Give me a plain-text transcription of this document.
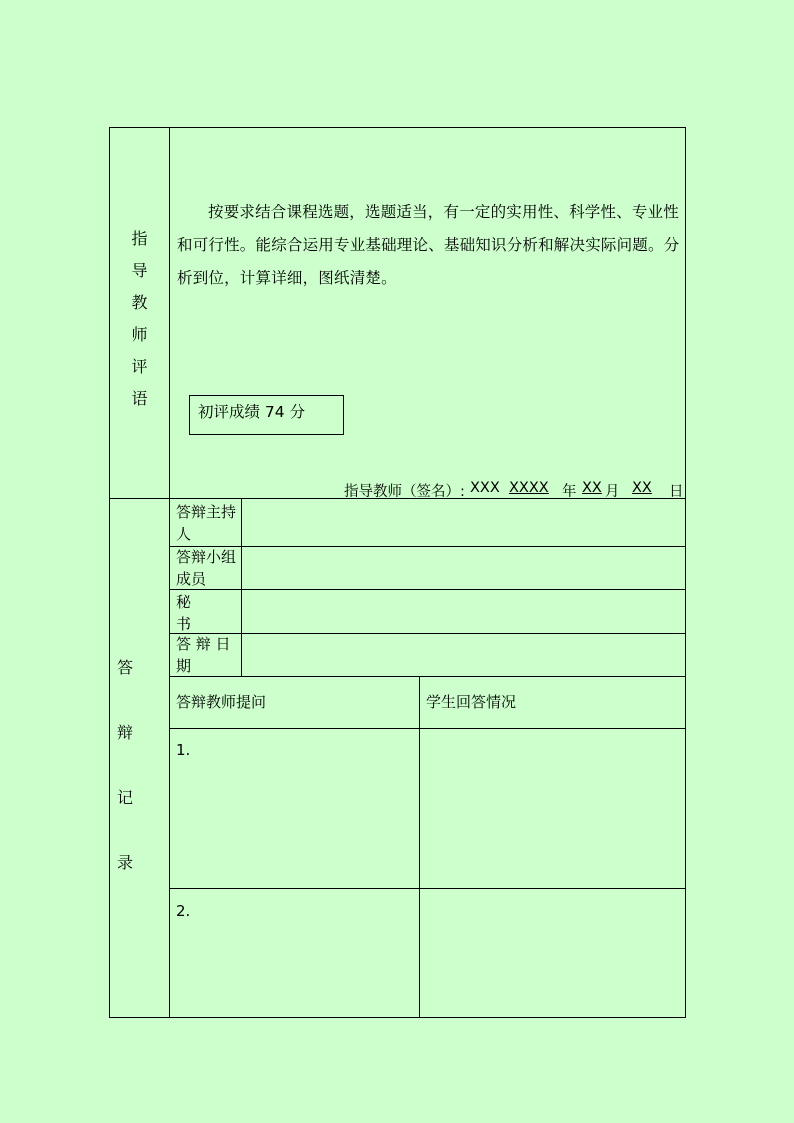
指
导
教
师
评
语
按要求结合课程选题，选题适当，有一定的实用性、科学性、专业性和可行性。能综合运用专业基础理论、基础知识分析和解决实际问题。分析到位，计算详细，图纸清楚。
初评成绩 74 分
指导教师（签名）: XXX XXXX 年 XX 月 XX 日
答
辩
记
录
答辩主持
人
答辩小组
成员
秘
书
答 辩 日
期
答辩教师提问	学生回答情况
1.
2.
